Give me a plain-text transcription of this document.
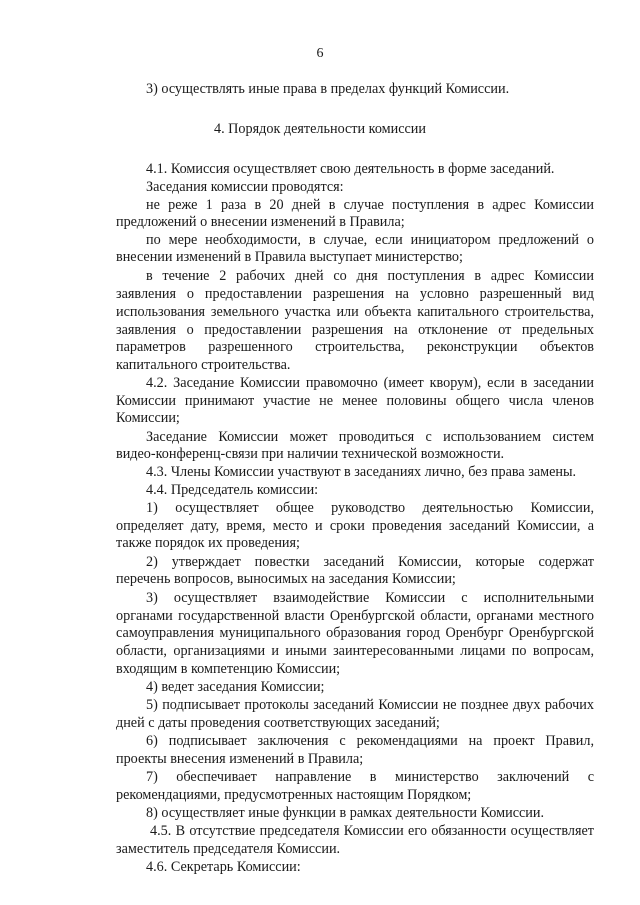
6
3) осуществлять иные права в пределах функций Комиссии.
4. Порядок деятельности комиссии
4.1. Комиссия осуществляет свою деятельность в форме заседаний.
Заседания комиссии проводятся:
не реже 1 раза в 20 дней в случае поступления в адрес Комиссии
предложений о внесении изменений в Правила;
по мере необходимости, в случае, если инициатором предложений о
внесении изменений в Правила выступает министерство;
в течение 2 рабочих дней со дня поступления в адрес Комиссии
заявления о предоставлении разрешения на условно разрешенный вид
использования земельного участка или объекта капитального строительства,
заявления о предоставлении разрешения на отклонение от предельных
параметров разрешенного строительства, реконструкции объектов
капитального строительства.
4.2. Заседание Комиссии правомочно (имеет кворум), если в заседании
Комиссии принимают участие не менее половины общего числа членов
Комиссии;
Заседание Комиссии может проводиться с использованием систем
видео-конференц-связи при наличии технической возможности.
4.3. Члены Комиссии участвуют в заседаниях лично, без права замены.
4.4. Председатель комиссии:
1) осуществляет общее руководство деятельностью Комиссии,
определяет дату, время, место и сроки проведения заседаний Комиссии, а
также порядок их проведения;
2) утверждает повестки заседаний Комиссии, которые содержат
перечень вопросов, выносимых на заседания Комиссии;
3) осуществляет взаимодействие Комиссии с исполнительными
органами государственной власти Оренбургской области, органами местного
самоуправления муниципального образования город Оренбург Оренбургской
области, организациями и иными заинтересованными лицами по вопросам,
входящим в компетенцию Комиссии;
4) ведет заседания Комиссии;
5) подписывает протоколы заседаний Комиссии не позднее двух рабочих
дней с даты проведения соответствующих заседаний;
6) подписывает заключения с рекомендациями на проект Правил,
проекты внесения изменений в Правила;
7) обеспечивает направление в министерство заключений с
рекомендациями, предусмотренных настоящим Порядком;
8) осуществляет иные функции в рамках деятельности Комиссии.
4.5. В отсутствие председателя Комиссии его обязанности осуществляет
заместитель председателя Комиссии.
4.6. Секретарь Комиссии:
